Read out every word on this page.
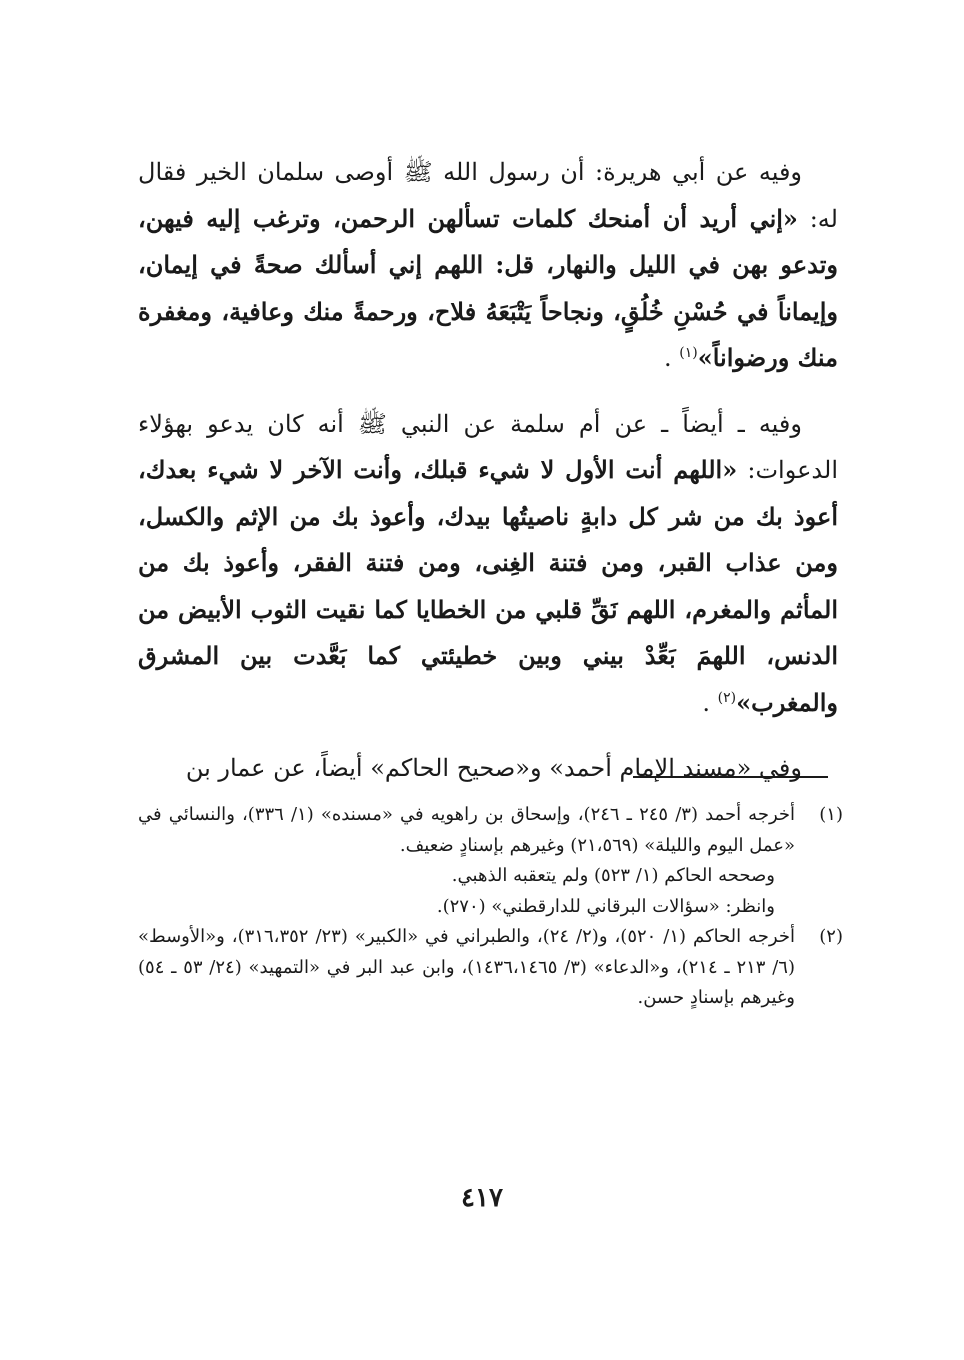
وفيه عن أبي هريرة: أن رسول الله ﷺ أوصى سلمان الخير فقال له: «إني أريد أن أمنحك كلمات تسألهن الرحمن، وترغب إليه فيهن، وتدعو بهن في الليل والنهار، قل: اللهم إني أسألك صحةً في إيمان، وإيماناً في حُسْنِ خُلُقٍ، ونجاحاً يَتْبَعَهُ فلاح، ورحمةً منك وعافية، ومغفرة منك ورضواناً»$^{(١)}$ .

وفيه ـ أيضاً ـ عن أم سلمة عن النبي ﷺ أنه كان يدعو بهؤلاء الدعوات: «اللهم أنت الأول لا شيء قبلك، وأنت الآخر لا شيء بعدك، أعوذ بك من شر كل دابةٍ ناصيتُها بيدك، وأعوذ بك من الإثم والكسل، ومن عذاب القبر، ومن فتنة الغِنى، ومن فتنة الفقر، وأعوذ بك من المأثم والمغرم، اللهم نَقِّ قلبي من الخطايا كما نقيت الثوب الأبيض من الدنس، اللهمَ بَعِّدْ بيني وبين خطيئتي كما بَعَّدت بين المشرق والمغرب»$^{(٢)}$ .

وفي «مسند الإمام أحمد» و«صحيح الحاكم» أيضاً، عن عمار بن

(١)
أخرجه أحمد (٣/ ٢٤٥ ـ ٢٤٦)، وإسحاق بن راهويه في «مسنده» (١/ ٣٣٦)، والنسائي في «عمل اليوم والليلة» (٢١،٥٦٩) وغيرهم بإسنادٍ ضعيف.
وصححه الحاكم (١/ ٥٢٣) ولم يتعقبه الذهبي.
وانظر: «سؤالات البرقاني للدارقطني» (٢٧٠).
(٢)
أخرجه الحاكم (١/ ٥٢٠)، و(٢/ ٢٤)، والطبراني في «الكبير» (٢٣/ ٣١٦،٣٥٢)، و«الأوسط» (٦/ ٢١٣ ـ ٢١٤)، و«الدعاء» (٣/ ١٤٣٦،١٤٦٥)، وابن عبد البر في «التمهيد» (٢٤/ ٥٣ ـ ٥٤) وغيرهم بإسنادٍ حسن.
٤١٧
